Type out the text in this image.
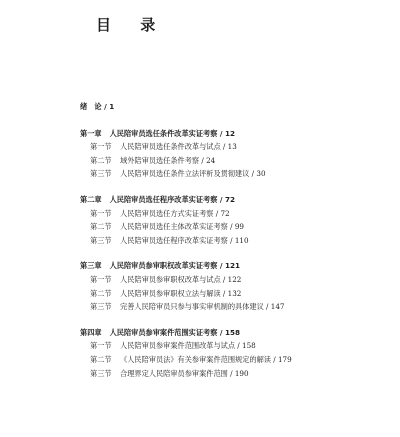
目 录
绪　论 / 1
第一章 人民陪审员选任条件改革实证考察 / 12
第一节 人民陪审员选任条件改革与试点 / 13
第二节 域外陪审员选任条件考察 / 24
第三节 人民陪审员选任条件立法评析及贯彻建议 / 30
第二章 人民陪审员选任程序改革实证考察 / 72
第一节 人民陪审员选任方式实证考察 / 72
第二节 人民陪审员选任主体改革实证考察 / 99
第三节 人民陪审员选任程序改革实证考察 / 110
第三章 人民陪审员参审职权改革实证考察 / 121
第一节 人民陪审员参审职权改革与试点 / 122
第二节 人民陪审员参审职权立法与解读 / 132
第三节 完善人民陪审员只参与事实审机制的具体建议 / 147
第四章 人民陪审员参审案件范围实证考察 / 158
第一节 人民陪审员参审案件范围改革与试点 / 158
第二节 《人民陪审员法》有关参审案件范围规定的解读 / 179
第三节 合理界定人民陪审员参审案件范围 / 190
